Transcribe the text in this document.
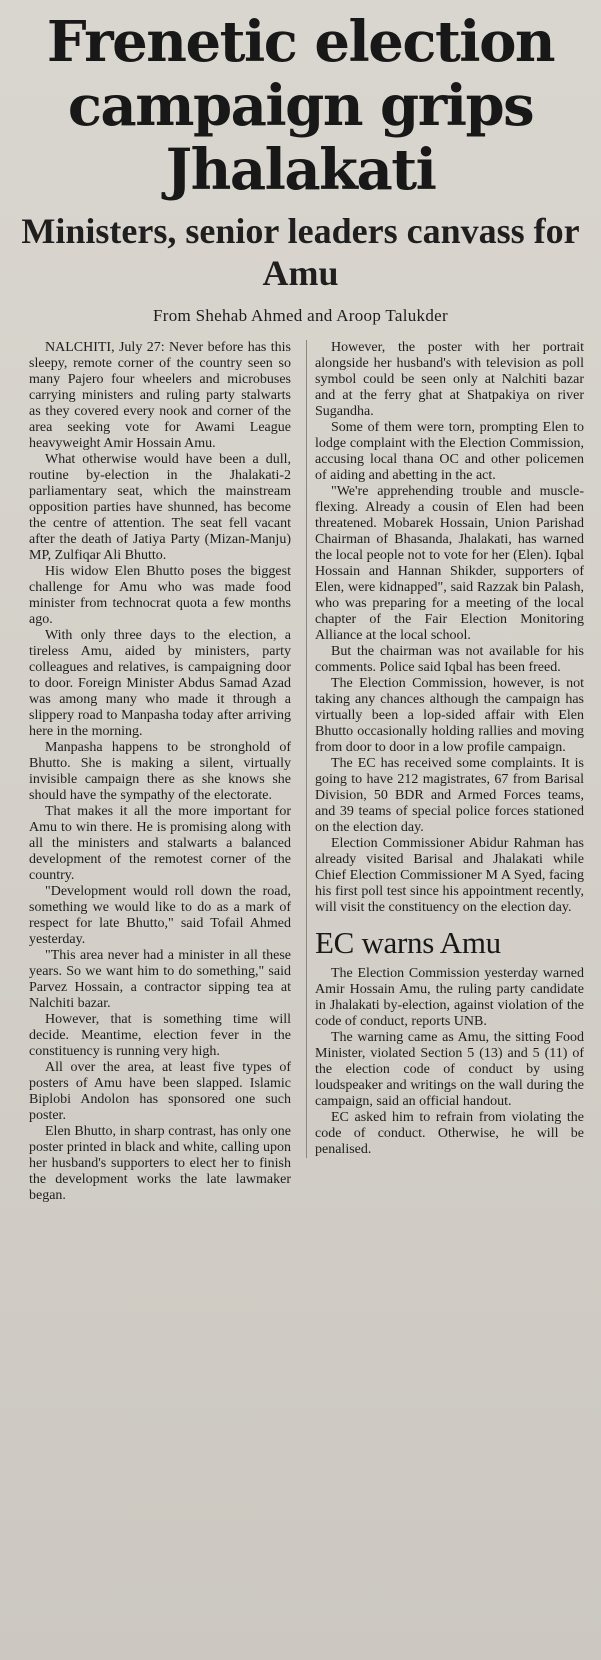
Frenetic election campaign grips Jhalakati
Ministers, senior leaders canvass for Amu
From Shehab Ahmed and Aroop Talukder

NALCHITI, July 27: Never before has this sleepy, remote corner of the country seen so many Pajero four wheelers and microbuses carrying ministers and ruling party stalwarts as they covered every nook and corner of the area seeking vote for Awami League heavyweight Amir Hossain Amu.

What otherwise would have been a dull, routine by-election in the Jhalakati-2 parliamentary seat, which the mainstream opposition parties have shunned, has become the centre of attention. The seat fell vacant after the death of Jatiya Party (Mizan-Manju) MP, Zulfiqar Ali Bhutto.

His widow Elen Bhutto poses the biggest challenge for Amu who was made food minister from technocrat quota a few months ago.

With only three days to the election, a tireless Amu, aided by ministers, party colleagues and relatives, is campaigning door to door. Foreign Minister Abdus Samad Azad was among many who made it through a slippery road to Manpasha today after arriving here in the morning.

Manpasha happens to be stronghold of Bhutto. She is making a silent, virtually invisible campaign there as she knows she should have the sympathy of the electorate.

That makes it all the more important for Amu to win there. He is promising along with all the ministers and stalwarts a balanced development of the remotest corner of the country.

"Development would roll down the road, something we would like to do as a mark of respect for late Bhutto," said Tofail Ahmed yesterday.

"This area never had a minister in all these years. So we want him to do something," said Parvez Hossain, a contractor sipping tea at Nalchiti bazar.

However, that is something time will decide. Meantime, election fever in the constituency is running very high.

All over the area, at least five types of posters of Amu have been slapped. Islamic Biplobi Andolon has sponsored one such poster.

Elen Bhutto, in sharp contrast, has only one poster printed in black and white, calling upon her husband's supporters to elect her to finish the development works the late lawmaker began.

However, the poster with her portrait alongside her husband's with television as poll symbol could be seen only at Nalchiti bazar and at the ferry ghat at Shatpakiya on river Sugandha.

Some of them were torn, prompting Elen to lodge complaint with the Election Commission, accusing local thana OC and other policemen of aiding and abetting in the act.

"We're apprehending trouble and muscle-flexing. Already a cousin of Elen had been threatened. Mobarek Hossain, Union Parishad Chairman of Bhasanda, Jhalakati, has warned the local people not to vote for her (Elen). Iqbal Hossain and Hannan Shikder, supporters of Elen, were kidnapped", said Razzak bin Palash, who was preparing for a meeting of the local chapter of the Fair Election Monitoring Alliance at the local school.

But the chairman was not available for his comments. Police said Iqbal has been freed.

The Election Commission, however, is not taking any chances although the campaign has virtually been a lop-sided affair with Elen Bhutto occasionally holding rallies and moving from door to door in a low profile campaign.

The EC has received some complaints. It is going to have 212 magistrates, 67 from Barisal Division, 50 BDR and Armed Forces teams, and 39 teams of special police forces stationed on the election day.

Election Commissioner Abidur Rahman has already visited Barisal and Jhalakati while Chief Election Commissioner M A Syed, facing his first poll test since his appointment recently, will visit the constituency on the election day.

EC warns Amu

The Election Commission yesterday warned Amir Hossain Amu, the ruling party candidate in Jhalakati by-election, against violation of the code of conduct, reports UNB.

The warning came as Amu, the sitting Food Minister, violated Section 5 (13) and 5 (11) of the election code of conduct by using loudspeaker and writings on the wall during the campaign, said an official handout.

EC asked him to refrain from violating the code of conduct. Otherwise, he will be penalised.
